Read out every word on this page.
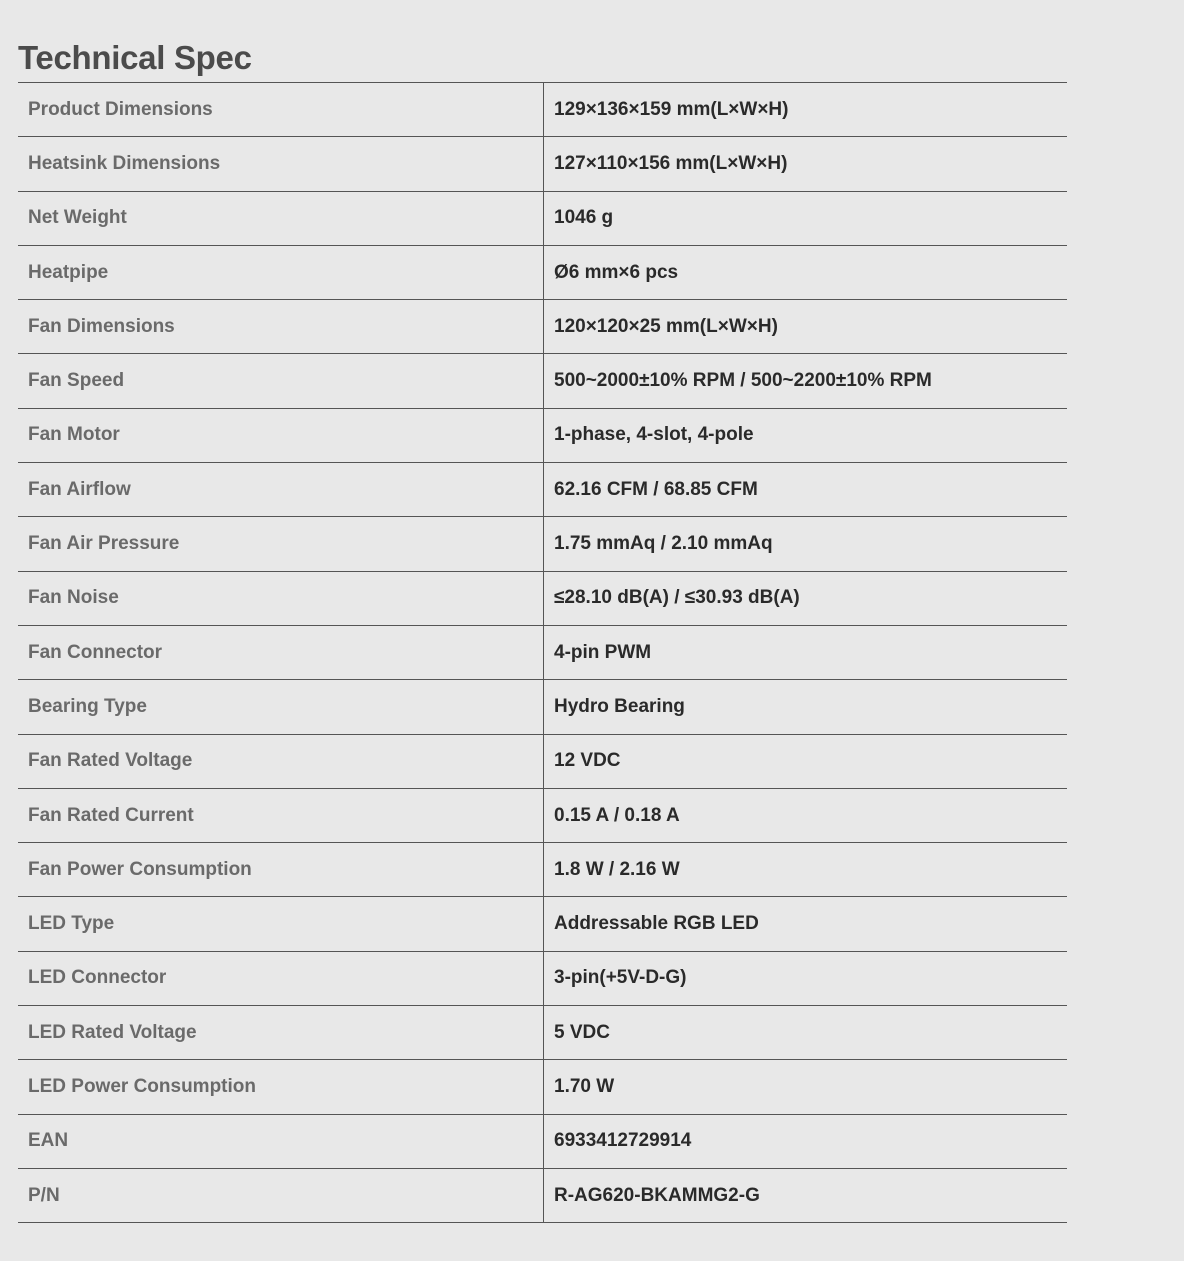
Technical Spec
Product Dimensions	129×136×159 mm(L×W×H)
Heatsink Dimensions	127×110×156 mm(L×W×H)
Net Weight	1046 g
Heatpipe	Ø6 mm×6 pcs
Fan Dimensions	120×120×25 mm(L×W×H)
Fan Speed	500~2000±10% RPM / 500~2200±10% RPM
Fan Motor	1-phase, 4-slot, 4-pole
Fan Airflow	62.16 CFM / 68.85 CFM
Fan Air Pressure	1.75 mmAq / 2.10 mmAq
Fan Noise	≤28.10 dB(A) / ≤30.93 dB(A)
Fan Connector	4-pin PWM
Bearing Type	Hydro Bearing
Fan Rated Voltage	12 VDC
Fan Rated Current	0.15 A / 0.18 A
Fan Power Consumption	1.8 W / 2.16 W
LED Type	Addressable RGB LED
LED Connector	3-pin(+5V-D-G)
LED Rated Voltage	5 VDC
LED Power Consumption	1.70 W
EAN	6933412729914
P/N	R-AG620-BKAMMG2-G
